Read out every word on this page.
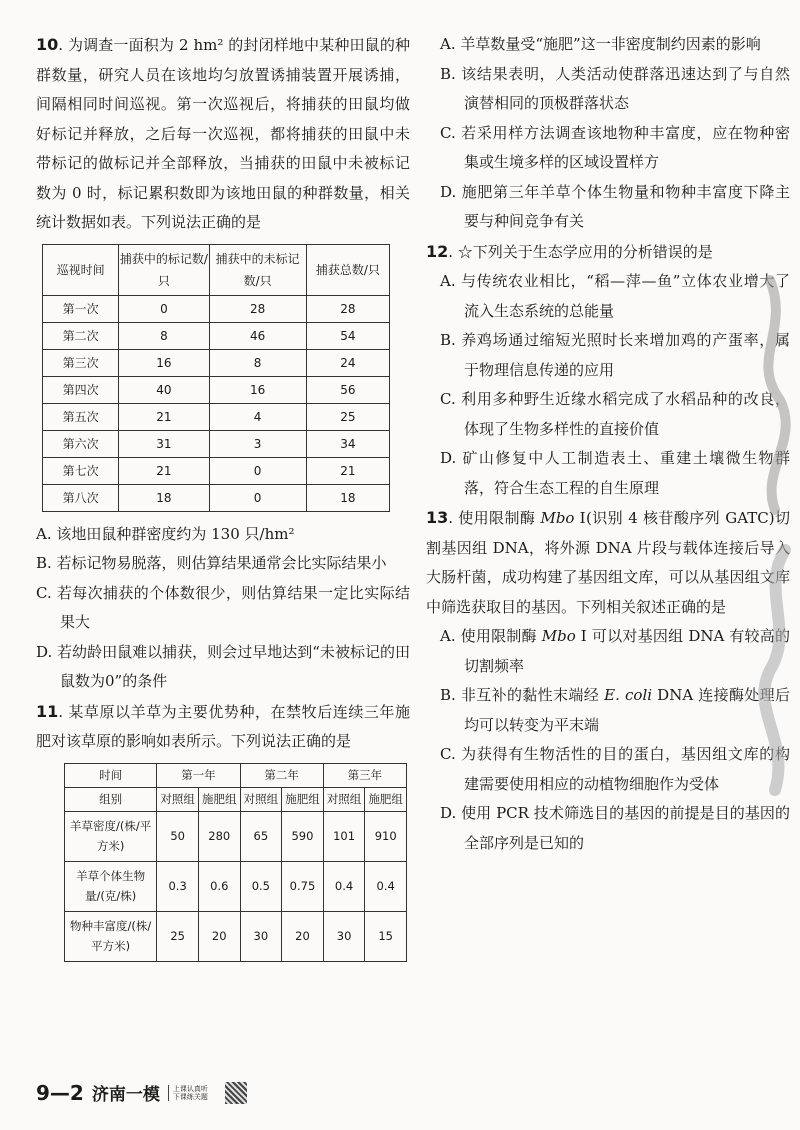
10. 为调查一面积为 2 hm² 的封闭样地中某种田鼠的种群数量，研究人员在该地均匀放置诱捕装置开展诱捕，间隔相同时间巡视。第一次巡视后，将捕获的田鼠均做好标记并释放，之后每一次巡视，都将捕获的田鼠中未带标记的做标记并全部释放，当捕获的田鼠中未被标记数为 0 时，标记累积数即为该地田鼠的种群数量，相关统计数据如表。下列说法正确的是

巡视时间	捕获中的标记数/只	捕获中的未标记数/只	捕获总数/只
第一次	0	28	28
第二次	8	46	54
第三次	16	8	24
第四次	40	16	56
第五次	21	4	25
第六次	31	3	34
第七次	21	0	21
第八次	18	0	18

A. 该地田鼠种群密度约为 130 只/hm²

B. 若标记物易脱落，则估算结果通常会比实际结果小

C. 若每次捕获的个体数很少，则估算结果一定比实际结果大

D. 若幼龄田鼠难以捕获，则会过早地达到“未被标记的田鼠数为0”的条件

11. 某草原以羊草为主要优势种，在禁牧后连续三年施肥对该草原的影响如表所示。下列说法正确的是

时间	第一年		第二年		第三年	
组别	对照组	施肥组	对照组	施肥组	对照组	施肥组
羊草密度/(株/平方米)	50	280	65	590	101	910
羊草个体生物量/(克/株)	0.3	0.6	0.5	0.75	0.4	0.4
物种丰富度/(株/平方米)	25	20	30	20	30	15

A. 羊草数量受“施肥”这一非密度制约因素的影响

B. 该结果表明，人类活动使群落迅速达到了与自然演替相同的顶极群落状态

C. 若采用样方法调查该地物种丰富度，应在物种密集或生境多样的区域设置样方

D. 施肥第三年羊草个体生物量和物种丰富度下降主要与种间竞争有关

12. ☆下列关于生态学应用的分析错误的是

A. 与传统农业相比，“稻—萍—鱼”立体农业增大了流入生态系统的总能量

B. 养鸡场通过缩短光照时长来增加鸡的产蛋率，属于物理信息传递的应用

C. 利用多种野生近缘水稻完成了水稻品种的改良，体现了生物多样性的直接价值

D. 矿山修复中人工制造表土、重建土壤微生物群落，符合生态工程的自生原理

13. 使用限制酶 Mbo Ⅰ(识别 4 核苷酸序列 GATC)切割基因组 DNA，将外源 DNA 片段与载体连接后导入大肠杆菌，成功构建了基因组文库，可以从基因组文库中筛选获取目的基因。下列相关叙述正确的是

A. 使用限制酶 Mbo Ⅰ 可以对基因组 DNA 有较高的切割频率

B. 非互补的黏性末端经 E. coli DNA 连接酶处理后均可以转变为平末端

C. 为获得有生物活性的目的蛋白，基因组文库的构建需要使用相应的动植物细胞作为受体

D. 使用 PCR 技术筛选目的基因的前提是目的基因的全部序列是已知的

9—2 济南一模	上课认真听
下课练关题
